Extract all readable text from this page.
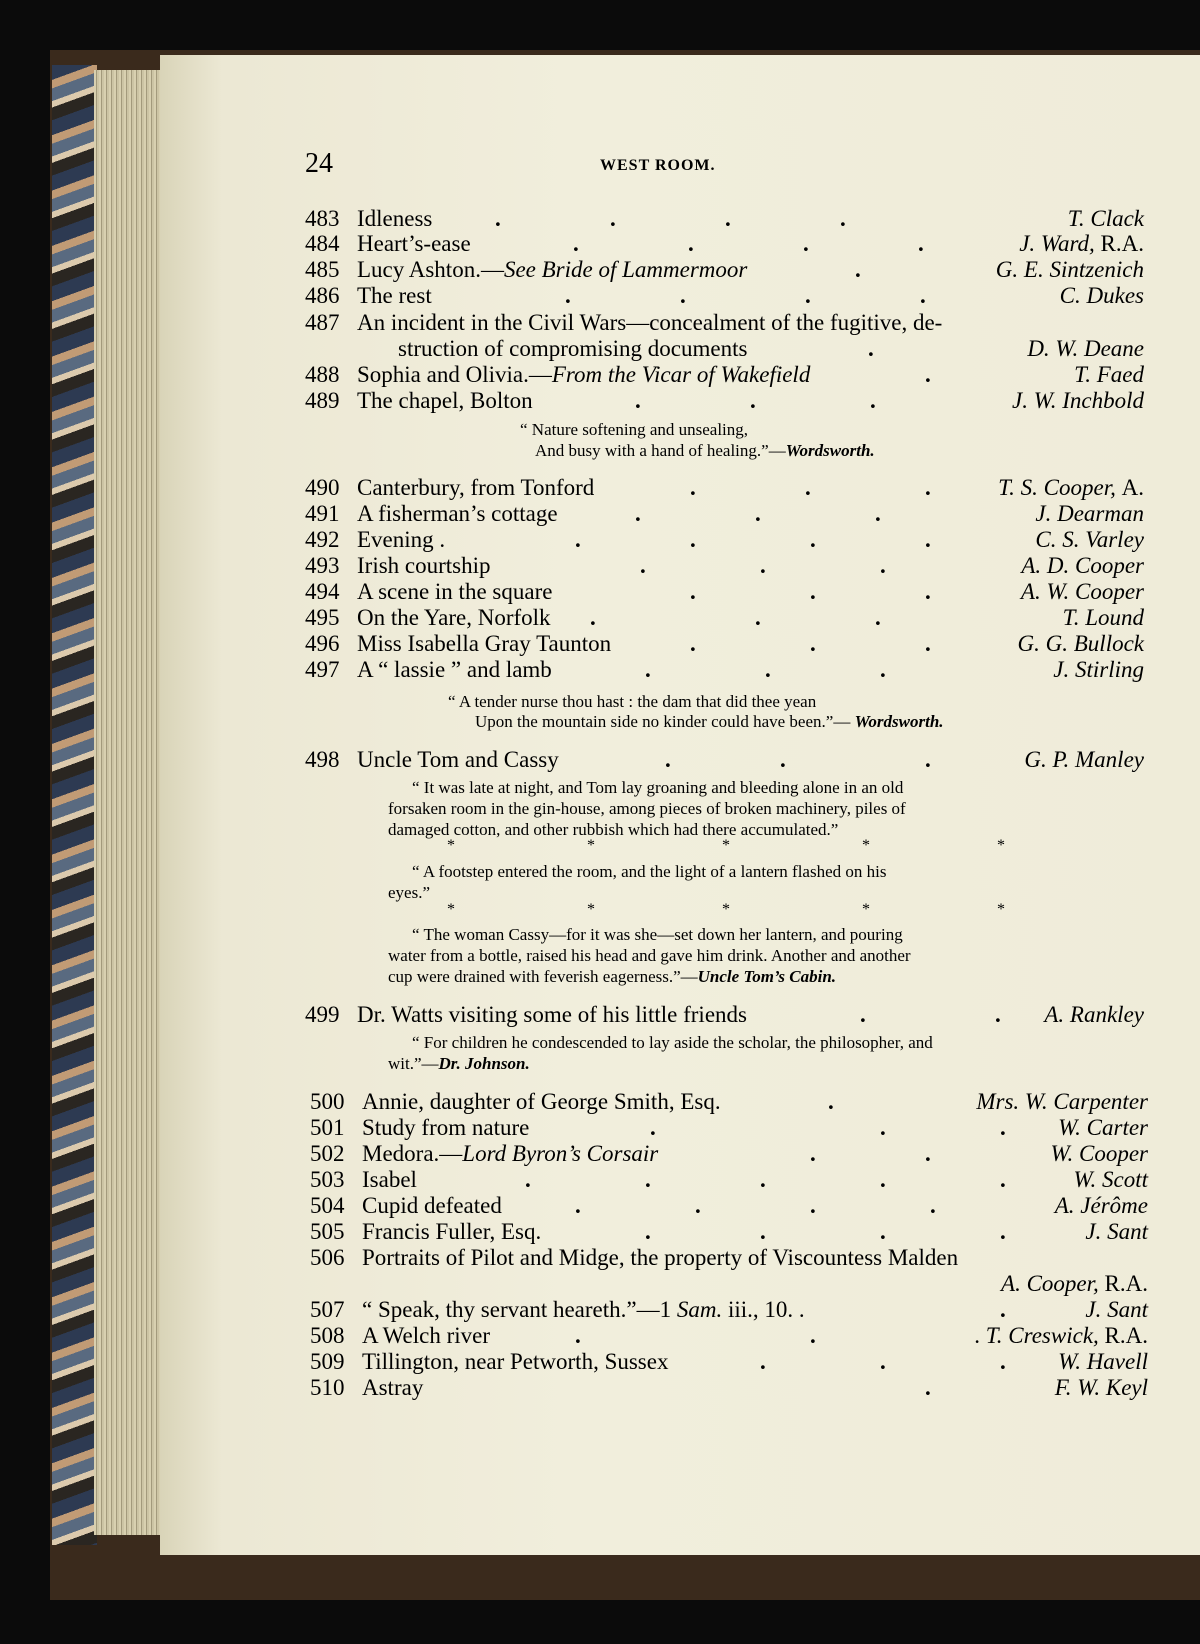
24	WEST ROOM.
483 Idleness	.	.	.	.	T. Clack
484 Heart’s-ease	.	.	.	.	J. Ward, R.A.
485 Lucy Ashton.—See Bride of Lammermoor	.	G. E. Sintzenich
486 The rest	.	.	.	.	C. Dukes
487 An incident in the Civil Wars—concealment of the fugitive, de-
struction of compromising documents	.	D. W. Deane
488 Sophia and Olivia.—From the Vicar of Wakefield	.	T. Faed
489 The chapel, Bolton	.	.	.	J. W. Inchbold
“ Nature softening and unsealing,
And busy with a hand of healing.”—Wordsworth.
490 Canterbury, from Tonford	.	.	.	T. S. Cooper, A.
491 A fisherman’s cottage	.	.	.	J. Dearman
492 Evening .	.	.	.	.	C. S. Varley
493 Irish courtship	.	.	.	A. D. Cooper
494 A scene in the square	.	.	.	A. W. Cooper
495 On the Yare, Norfolk .	.	.	T. Lound
496 Miss Isabella Gray Taunton	.	.	.	G. G. Bullock
497 A “ lassie ” and lamb	.	.	.	J. Stirling
“ A tender nurse thou hast : the dam that did thee yean
Upon the mountain side no kinder could have been.”— Wordsworth.
498 Uncle Tom and Cassy	.	.	.	G. P. Manley
“ It was late at night, and Tom lay groaning and bleeding alone in an old
forsaken room in the gin-house, among pieces of broken machinery, piles of
damaged cotton, and other rubbish which had there accumulated.”
*	*	*	*	*
“ A footstep entered the room, and the light of a lantern flashed on his
eyes.”
*	*	*	*	*
“ The woman Cassy—for it was she—set down her lantern, and pouring
water from a bottle, raised his head and gave him drink. Another and another
cup were drained with feverish eagerness.”—Uncle Tom’s Cabin.
499 Dr. Watts visiting some of his little friends	.	. A. Rankley
“ For children he condescended to lay aside the scholar, the philosopher, and
wit.”—Dr. Johnson.
500 Annie, daughter of George Smith, Esq.	.	Mrs. W. Carpenter
501 Study from nature	.	.	. W. Carter
502 Medora.—Lord Byron’s Corsair	.	.	W. Cooper
503 Isabel	.	.	.	.	.	W. Scott
504 Cupid defeated	.	.	.	.	A. Jérôme
505 Francis Fuller, Esq.	.	.	.	.	J. Sant
506 Portraits of Pilot and Midge, the property of Viscountess Malden
A. Cooper, R.A.
507 “ Speak, thy servant heareth.”—1 Sam. iii., 10. .	.	J. Sant
508 A Welch river	.	.	. T. Creswick, R.A.
509 Tillington, near Petworth, Sussex	.	.	. W. Havell
510 Astray	.	F. W. Keyl
